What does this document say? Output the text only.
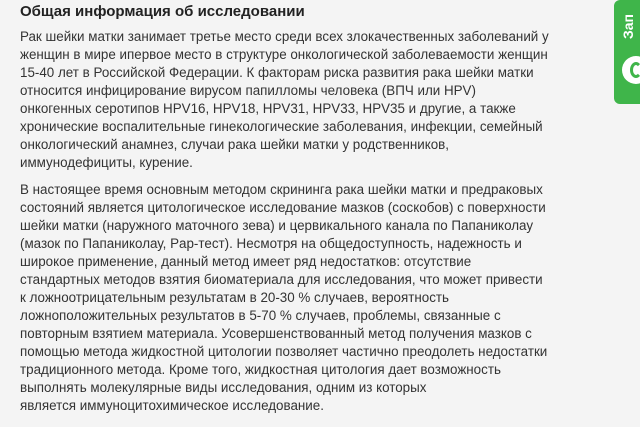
Общая информация об исследовании
Рак шейки матки занимает третье место среди всех злокачественных заболеваний у
женщин в мире ипервое место в структуре онкологической заболеваемости женщин
15-40 лет в Российской Федерации. К факторам риска развития рака шейки матки
относится инфицирование вирусом папилломы человека (ВПЧ или HPV)
онкогенных серотипов HPV16, HPV18, HPV31, HPV33, HPV35 и другие, а также
хронические воспалительные гинекологические заболевания, инфекции, семейный
онкологический анамнез, случаи рака шейки матки у родственников,
иммунодефициты, курение.
В настоящее время основным методом скрининга рака шейки матки и предраковых
состояний является цитологическое исследование мазков (соскобов) с поверхности
шейки матки (наружного маточного зева) и цервикального канала по Папаниколау
(мазок по Папаниколау, Pap-тест). Несмотря на общедоступность, надежность и
широкое применение, данный метод имеет ряд недостатков: отсутствие
стандартных методов взятия биоматериала для исследования, что может привести
к ложноотрицательным результатам в 20-30 % случаев, вероятность
ложноположительных результатов в 5-70 % случаев, проблемы, связанные с
повторным взятием материала. Усовершенствованный метод получения мазков с
помощью метода жидкостной цитологии позволяет частично преодолеть недостатки
традиционного метода. Кроме того, жидкостная цитология дает возможность
выполнять молекулярные виды исследования, одним из которых
является иммуноцитохимическое исследование.
Зап
